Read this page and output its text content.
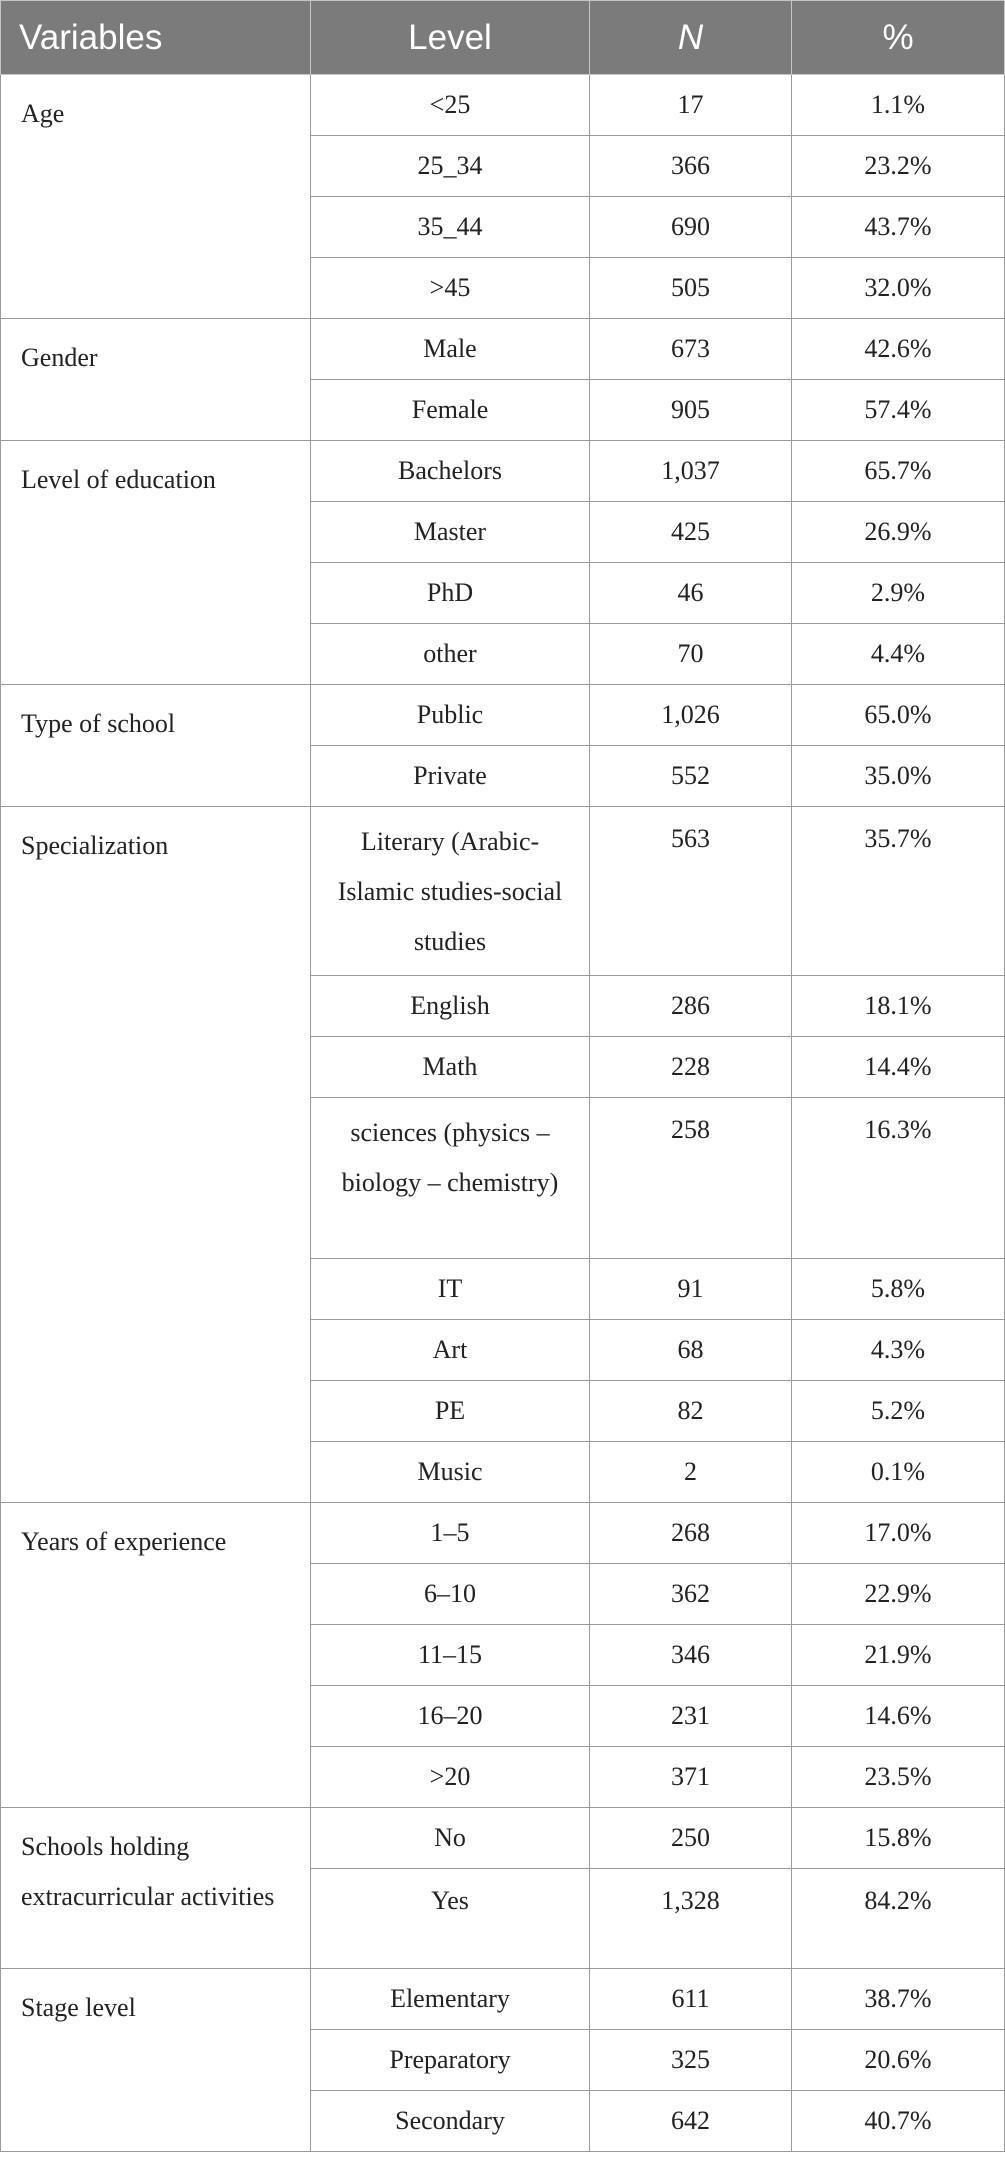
Variables	Level	N	%
Age	<25	17	1.1%
	25_34	366	23.2%
	35_44	690	43.7%
	>45	505	32.0%
Gender	Male	673	42.6%
	Female	905	57.4%
Level of education	Bachelors	1,037	65.7%
	Master	425	26.9%
	PhD	46	2.9%
	other	70	4.4%
Type of school	Public	1,026	65.0%
	Private	552	35.0%
Specialization	Literary (Arabic-Islamic studies-social studies	563	35.7%
	English	286	18.1%
	Math	228	14.4%
	sciences (physics – biology – chemistry)	258	16.3%
	IT	91	5.8%
	Art	68	4.3%
	PE	82	5.2%
	Music	2	0.1%
Years of experience	1–5	268	17.0%
	6–10	362	22.9%
	11–15	346	21.9%
	16–20	231	14.6%
	>20	371	23.5%
Schools holding extracurricular activities	No	250	15.8%
	Yes	1,328	84.2%
Stage level	Elementary	611	38.7%
	Preparatory	325	20.6%
	Secondary	642	40.7%
